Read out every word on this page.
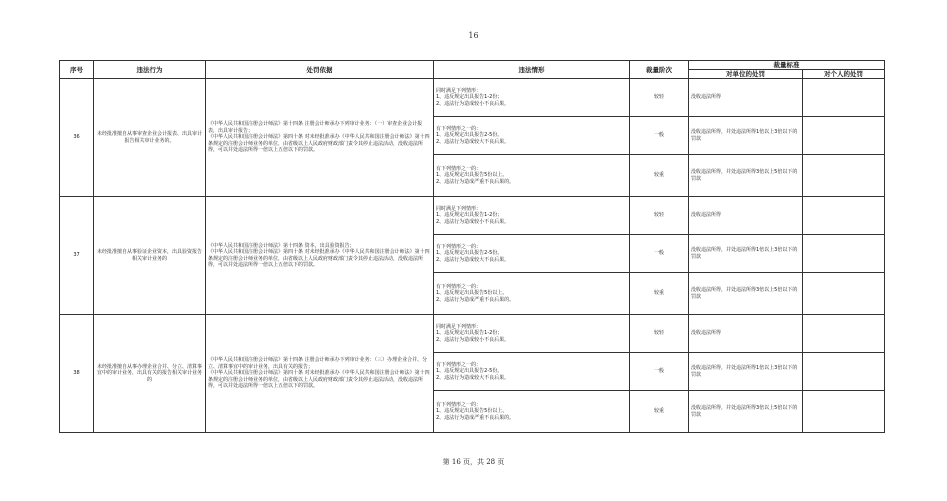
16
序号	违法行为	处罚依据	违法情形	裁量阶次	裁量标准	
					对单位的处罚	对个人的处罚
36	未经批准擅自从事审查企业会计报表、出具审计报告相关审计业务的。	《中华人民共和国注册会计师法》第十四条 注册会计师承办下列审计业务：（一）审查企业会计报表，出具审计报告；
《中华人民共和国注册会计师法》第四十条 对未经批准承办《中华人民共和国注册会计师法》第十四条规定的注册会计师业务的单位，由省级以上人民政府财政部门责令其停止违法活动，没收违法所得，可以并处违法所得一倍以上五倍以下的罚款。	同时满足下列情形：
1、违反规定出具报告1-2份；
2、违法行为造成较小不良后果。	较轻	没收违法所得	
			有下列情形之一的：
1、违反规定出具报告2-5份。
2、违法行为造成较大不良后果。	一般	没收违法所得，并处违法所得1倍以上3倍以下的罚款	
			有下列情形之一的：
1、违反规定出具报告5份以上。
2、违法行为造成严重不良后果的。	较重	没收违法所得，并处违法所得3倍以上5倍以下的罚款	
37	未经批准擅自从事验证企业资本，出具验资报告相关审计业务的	《中华人民共和国注册会计师法》第十四条 资本，出具验资报告；
《中华人民共和国注册会计师法》第四十条 对未经批准承办《中华人民共和国注册会计师法》第十四条规定的注册会计师业务的单位，由省级以上人民政府财政部门责令其停止违法活动，没收违法所得，可以并处违法所得一倍以上五倍以下的罚款。	同时满足下列情形：
1、违反规定出具报告1-2份；
2、违法行为造成较小不良后果。	较轻	没收违法所得	
			有下列情形之一的：
1、违反规定出具报告2-5份。
2、违法行为造成较大不良后果。	一般	没收违法所得，并处违法所得1倍以上3倍以下的罚款	
			有下列情形之一的：
1、违反规定出具报告5份以上。
2、违法行为造成严重不良后果的。	较重	没收违法所得，并处违法所得3倍以上5倍以下的罚款	
38	未经批准擅自从事办理企业合并、分立、清算事宜中的审计业务，出具有关的报告相关审计业务的	《中华人民共和国注册会计师法》第十四条 注册会计师承办下列审计业务：（三）办理企业合并、分立、清算事宜中的审计业务，出具有关的报告；
《中华人民共和国注册会计师法》第四十条 对未经批准承办《中华人民共和国注册会计师法》第十四条规定的注册会计师业务的单位，由省级以上人民政府财政部门责令其停止违法活动，没收违法所得，可以并处违法所得一倍以上五倍以下的罚款。	同时满足下列情形：
1、违反规定出具报告1-2份；
2、违法行为造成较小不良后果。	较轻	没收违法所得	
			有下列情形之一的：
1、违反规定出具报告2-5份。
2、违法行为造成较大不良后果。	一般	没收违法所得，并处违法所得1倍以上3倍以下的罚款	
			有下列情形之一的：
1、违反规定出具报告5份以上。
2、违法行为造成严重不良后果的。	较重	没收违法所得，并处违法所得3倍以上5倍以下的罚款	
第 16 页，共 28 页
